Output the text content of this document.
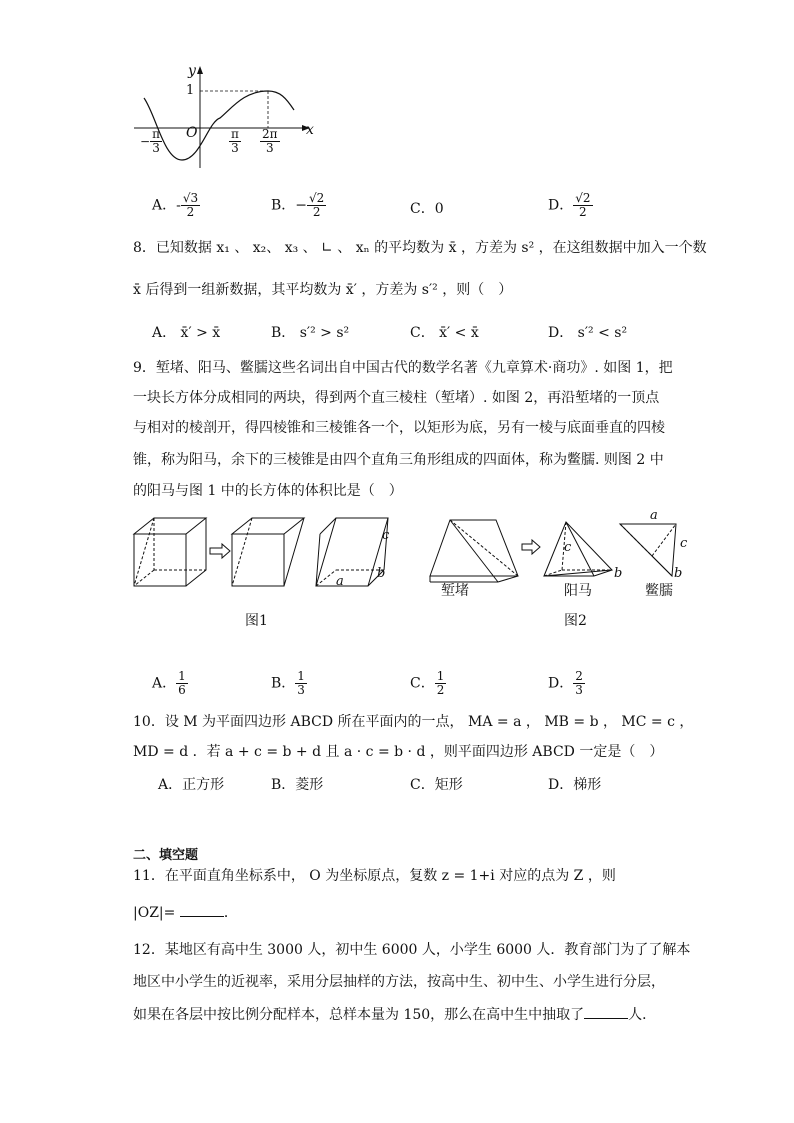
y
x
1
O
− $\frac{\pi}{3}$	$\frac{\pi}{3} \frac{2\pi}{3}$
A．- $\frac{√3}{2}$	B．− $\frac{√2}{2}$	C．0	D． $\frac{√2}{2}$
8．已知数据 x₁ 、 x₂、 x₃ 、 ∟ 、 xₙ 的平均数为 x̄ ，方差为 s² ，在这组数据中加入一个数
x̄ 后得到一组新数据，其平均数为 x̄′ ，方差为 s′² ，则（　）
A． x̄′ > x̄	B． s′² > s²	C． x̄′ < x̄	D． s′² < s²
9．堑堵、阳马、鳖臑这些名词出自中国古代的数学名著《九章算术·商功》. 如图 1，把
一块长方体分成相同的两块，得到两个直三棱柱（堑堵）. 如图 2，再沿堑堵的一顶点
与相对的棱剖开，得四棱锥和三棱锥各一个，以矩形为底，另有一棱与底面垂直的四棱
锥，称为阳马，余下的三棱锥是由四个直角三角形组成的四面体，称为鳖臑. 则图 2 中
的阳马与图 1 中的长方体的体积比是（　）
c
a
b
c
b
a
c
b
堑堵	阳马	鳖臑
图1	图2
A． $\frac{1}{6}$	B． $\frac{1}{3}$	C． $\frac{1}{2}$	D． $\frac{2}{3}$
10．设 M 为平面四边形 ABCD 所在平面内的一点， MA = a ， MB = b ， MC = c ，
MD = d ．若 a + c = b + d 且 a · c = b · d ，则平面四边形 ABCD 一定是（　）
A．正方形	B．菱形	C．矩形	D．梯形
二、填空题
11．在平面直角坐标系中， O 为坐标原点，复数 z = 1+i 对应的点为 Z ，则
|OZ|=	．
12．某地区有高中生 3000 人，初中生 6000 人，小学生 6000 人．教育部门为了了解本
地区中小学生的近视率，采用分层抽样的方法，按高中生、初中生、小学生进行分层，
如果在各层中按比例分配样本，总样本量为 150，那么在高中生中抽取了	人．
